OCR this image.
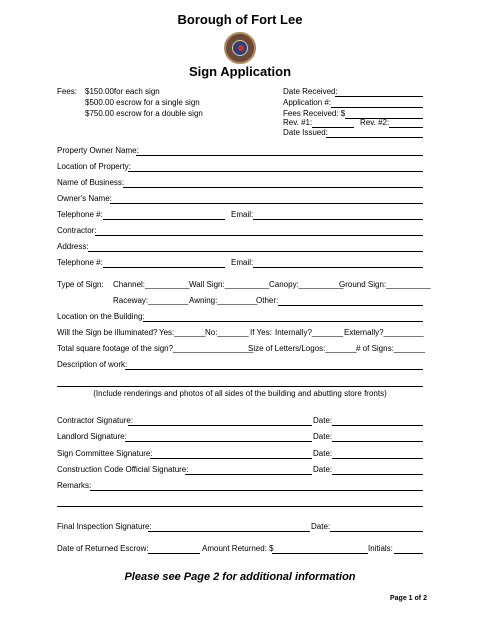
Borough of Fort Lee
Sign Application
Fees: $150.00for each sign
$500.00 escrow for a single sign
$750.00 escrow for a double sign
Date Received:
Application #:
Fees Received: $
Rev. #1:	Rev. #2:
Date Issued:
Property Owner Name:
Location of Property:
Name of Business:
Owner's Name:
Telephone #:	Email:
Contractor:
Address:
Telephone #:	Email:
Type of Sign: Channel:__________ Wall Sign:__________ Canopy:__________
Ground Sign:__________
Raceway:_________ Awning:_________
Other:
Location on the Building:
Will the Sign be illuminated? Yes:_______ No:_______ If Yes: Internally?_______ Externally?_________
Total square footage of the sign?__________________
Size of Letters/Logos:_______ # of Signs:_______
Description of work:
(Include renderings and photos of all sides of the building and abutting store fronts)
Contractor Signature:	Date:
Landlord Signature:	Date:
Sign Committee Signature:	Date:
Construction Code Official Signature:	Date:
Remarks:
Final Inspection Signature:	Date:
Date of Returned Escrow:	Amount Returned: $	Initials:
Please see Page 2 for additional information
Page 1 of 2
